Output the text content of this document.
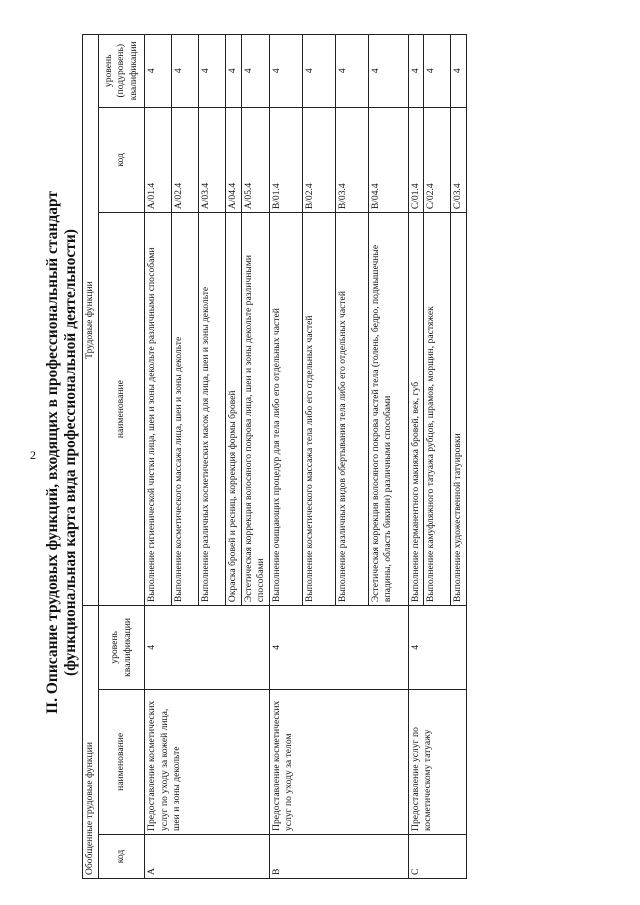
2 II. Описание трудовых функций, входящих в профессиональный стандарт (функциональная карта вида профессиональной деятельности)
Обобщенные трудовые функции			Трудовые функции		
код	наименование	уровень квалификации	наименование	код	уровень (подуровень) квалификации
A	Предоставление косметических услуг по уходу за кожей лица, шеи и зоны декольте	4	Выполнение гигиенической чистки лица, шеи и зоны декольте различными способами	A/01.4	4
			Выполнение косметического массажа лица, шеи и зоны декольте	A/02.4	4
			Выполнение различных косметических масок для лица, шеи и зоны декольте	A/03.4	4
			Окраска бровей и ресниц, коррекция формы бровей	A/04.4	4
			Эстетическая коррекция волосяного покрова лица, шеи и зоны декольте различными способами	A/05.4	4
B	Предоставление косметических услуг по уходу за телом	4	Выполнение очищающих процедур для тела либо его отдельных частей	B/01.4	4
			Выполнение косметического массажа тела либо его отдельных частей	B/02.4	4
			Выполнение различных видов обертывания тела либо его отдельных частей	B/03.4	4
			Эстетическая коррекция волосяного покрова частей тела (голень, бедро, подмышечные впадины, область бикини) различными способами	B/04.4	4
C	Предоставление услуг по косметическому татуажу	4	Выполнение перманентного макияжа бровей, век, губ	C/01.4	4
			Выполнение камуфляжного татуажа рубцов, шрамов, морщин, растяжек	C/02.4	4
			Выполнение художественной татуировки	C/03.4	4
